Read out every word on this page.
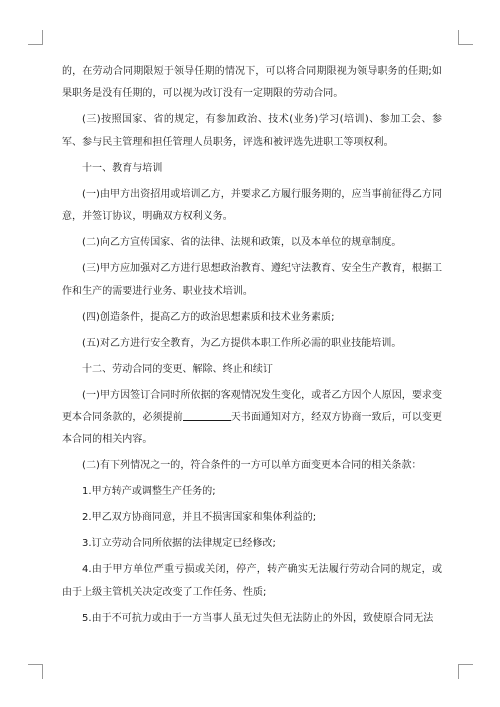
的，在劳动合同期限短于领导任期的情况下，可以将合同期限视为领导职务的任期;如果职务是没有任期的，可以视为改订没有一定期限的劳动合同。

(三)按照国家、省的规定，有参加政治、技术(业务)学习(培训)、参加工会、参军、参与民主管理和担任管理人员职务，评选和被评选先进职工等项权利。

十一、教育与培训

(一)由甲方出资招用或培训乙方，并要求乙方履行服务期的，应当事前征得乙方同意，并签订协议，明确双方权利义务。

(二)向乙方宣传国家、省的法律、法规和政策，以及本单位的规章制度。

(三)甲方应加强对乙方进行思想政治教育、遵纪守法教育、安全生产教育，根据工作和生产的需要进行业务、职业技术培训。

(四)创造条件，提高乙方的政治思想素质和技术业务素质;

(五)对乙方进行安全教育，为乙方提供本职工作所必需的职业技能培训。

十二、劳动合同的变更、解除、终止和续订

(一)甲方因签订合同时所依据的客观情况发生变化，或者乙方因个人原因，要求变更本合同条款的，必须提前	天书面通知对方，经双方协商一致后，可以变更本合同的相关内容。

(二)有下列情况之一的，符合条件的一方可以单方面变更本合同的相关条款：

1.甲方转产或调整生产任务的;

2.甲乙双方协商同意，并且不损害国家和集体利益的;

3.订立劳动合同所依据的法律规定已经修改;

4.由于甲方单位严重亏损或关闭，停产，转产确实无法履行劳动合同的规定，或由于上级主管机关决定改变了工作任务、性质;

5.由于不可抗力或由于一方当事人虽无过失但无法防止的外因，致使原合同无法
